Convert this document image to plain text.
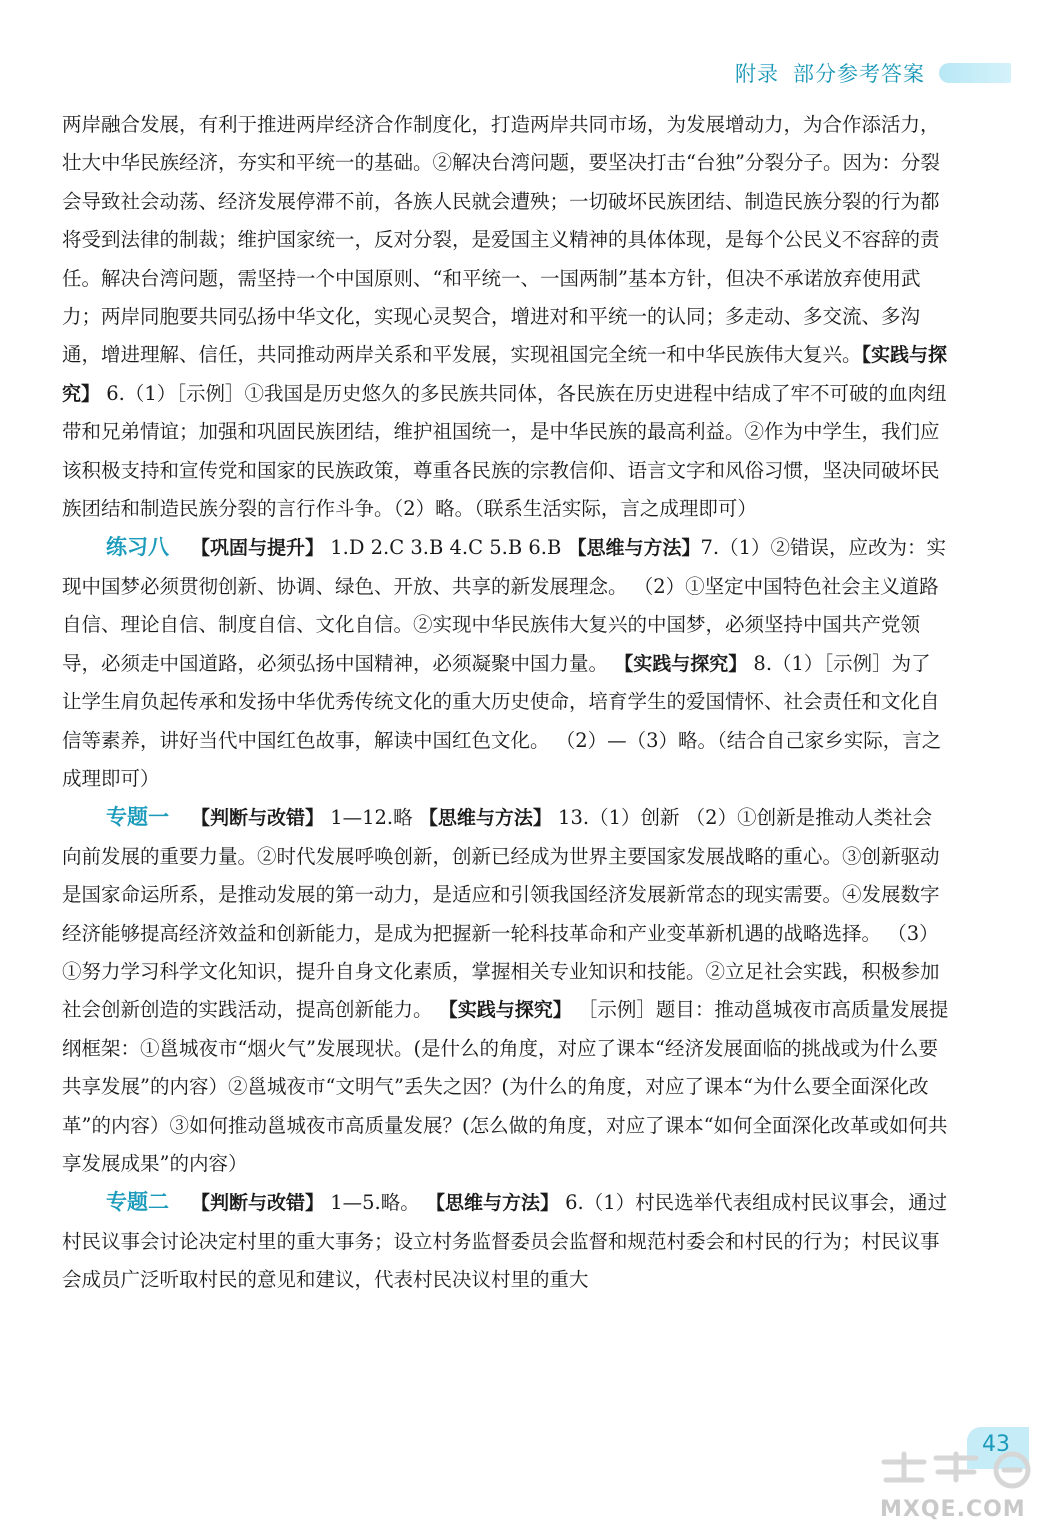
附录 部分参考答案
两岸融合发展，有利于推进两岸经济合作制度化，打造两岸共同市场，为发展增动力，为合作添活力，壮大中华民族经济，夯实和平统一的基础。②解决台湾问题，要坚决打击“台独”分裂分子。因为：分裂会导致社会动荡、经济发展停滞不前，各族人民就会遭殃；一切破坏民族团结、制造民族分裂的行为都将受到法律的制裁；维护国家统一，反对分裂，是爱国主义精神的具体体现，是每个公民义不容辞的责任。解决台湾问题，需坚持一个中国原则、“和平统一、一国两制”基本方针，但决不承诺放弃使用武力；两岸同胞要共同弘扬中华文化，实现心灵契合，增进对和平统一的认同；多走动、多交流、多沟通，增进理解、信任，共同推动两岸关系和平发展，实现祖国完全统一和中华民族伟大复兴。【实践与探究】 6.（1）［示例］①我国是历史悠久的多民族共同体，各民族在历史进程中结成了牢不可破的血肉纽带和兄弟情谊；加强和巩固民族团结，维护祖国统一，是中华民族的最高利益。②作为中学生，我们应该积极支持和宣传党和国家的民族政策，尊重各民族的宗教信仰、语言文字和风俗习惯，坚决同破坏民族团结和制造民族分裂的言行作斗争。（2）略。（联系生活实际，言之成理即可）
练习八 【巩固与提升】 1.D 2.C 3.B 4.C 5.B 6.B 【思维与方法】7.（1）②错误，应改为：实现中国梦必须贯彻创新、协调、绿色、开放、共享的新发展理念。 （2）①坚定中国特色社会主义道路自信、理论自信、制度自信、文化自信。②实现中华民族伟大复兴的中国梦，必须坚持中国共产党领导，必须走中国道路，必须弘扬中国精神，必须凝聚中国力量。 【实践与探究】 8.（1）［示例］为了让学生肩负起传承和发扬中华优秀传统文化的重大历史使命，培育学生的爱国情怀、社会责任和文化自信等素养，讲好当代中国红色故事，解读中国红色文化。 （2）—（3）略。（结合自己家乡实际，言之成理即可）
专题一 【判断与改错】 1—12.略 【思维与方法】 13.（1）创新 （2）①创新是推动人类社会向前发展的重要力量。②时代发展呼唤创新，创新已经成为世界主要国家发展战略的重心。③创新驱动是国家命运所系，是推动发展的第一动力，是适应和引领我国经济发展新常态的现实需要。④发展数字经济能够提高经济效益和创新能力，是成为把握新一轮科技革命和产业变革新机遇的战略选择。 （3）①努力学习科学文化知识，提升自身文化素质，掌握相关专业知识和技能。②立足社会实践，积极参加社会创新创造的实践活动，提高创新能力。 【实践与探究】 ［示例］题目：推动邕城夜市高质量发展提纲框架：①邕城夜市“烟火气”发展现状。(是什么的角度，对应了课本“经济发展面临的挑战或为什么要共享发展”的内容）②邕城夜市“文明气”丢失之因？(为什么的角度，对应了课本“为什么要全面深化改革”的内容）③如何推动邕城夜市高质量发展？(怎么做的角度，对应了课本“如何全面深化改革或如何共享发展成果”的内容）
专题二 【判断与改错】 1—5.略。 【思维与方法】 6.（1）村民选举代表组成村民议事会，通过村民议事会讨论决定村里的重大事务；设立村务监督委员会监督和规范村委会和村民的行为；村民议事会成员广泛听取村民的意见和建议，代表村民决议村里的重大
43
MXQE.COM
